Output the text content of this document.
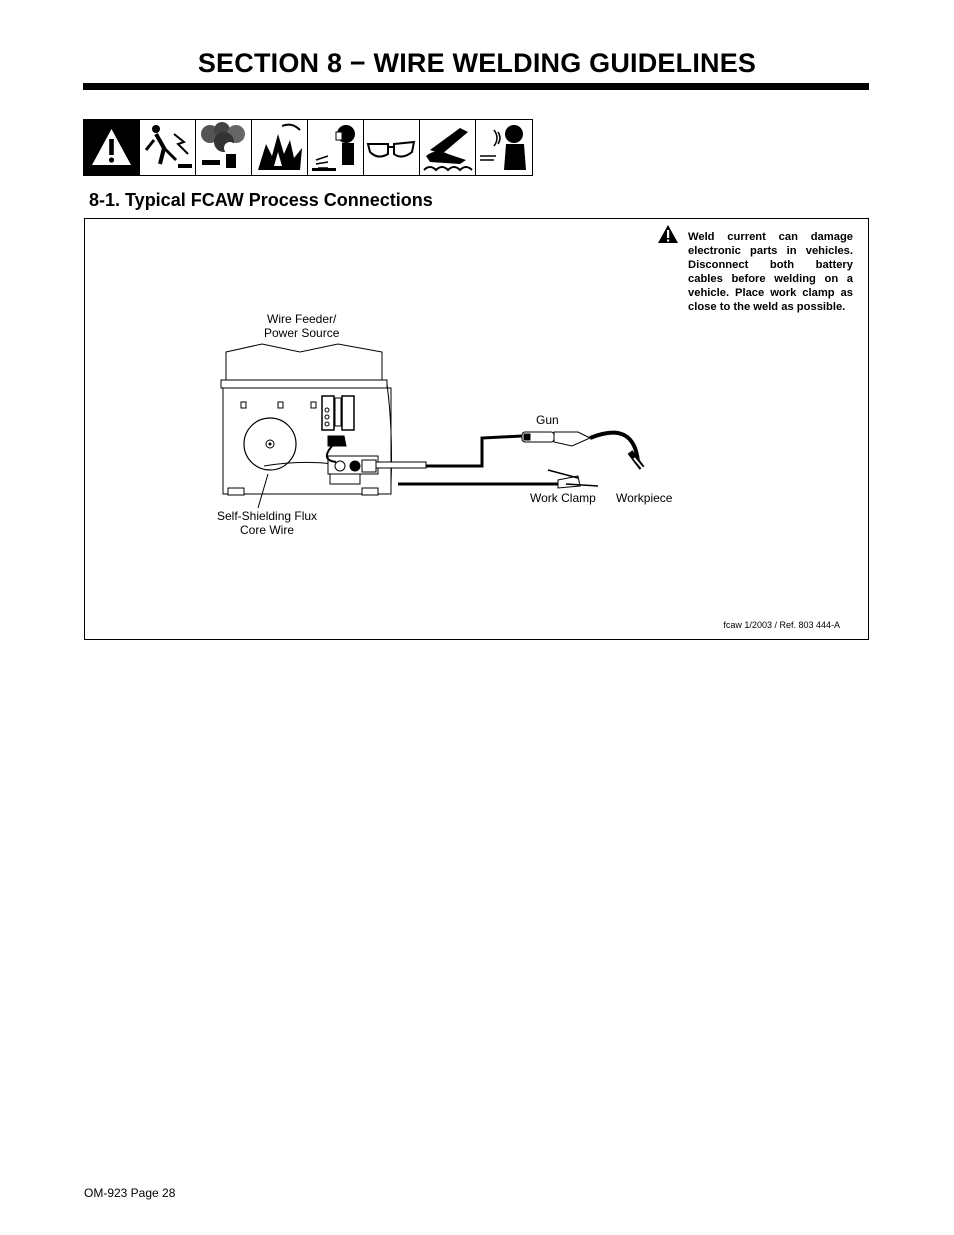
SECTION 8 − WIRE WELDING GUIDELINES
8-1. Typical FCAW Process Connections
Weld current can damage electronic parts in vehicles. Disconnect both battery cables before welding on a vehicle. Place work clamp as close to the weld as possible.
Wire Feeder/
Power Source
Gun
Work Clamp Workpiece
Self-Shielding Flux
Core Wire
fcaw 1/2003 / Ref. 803 444-A
OM-923 Page 28
